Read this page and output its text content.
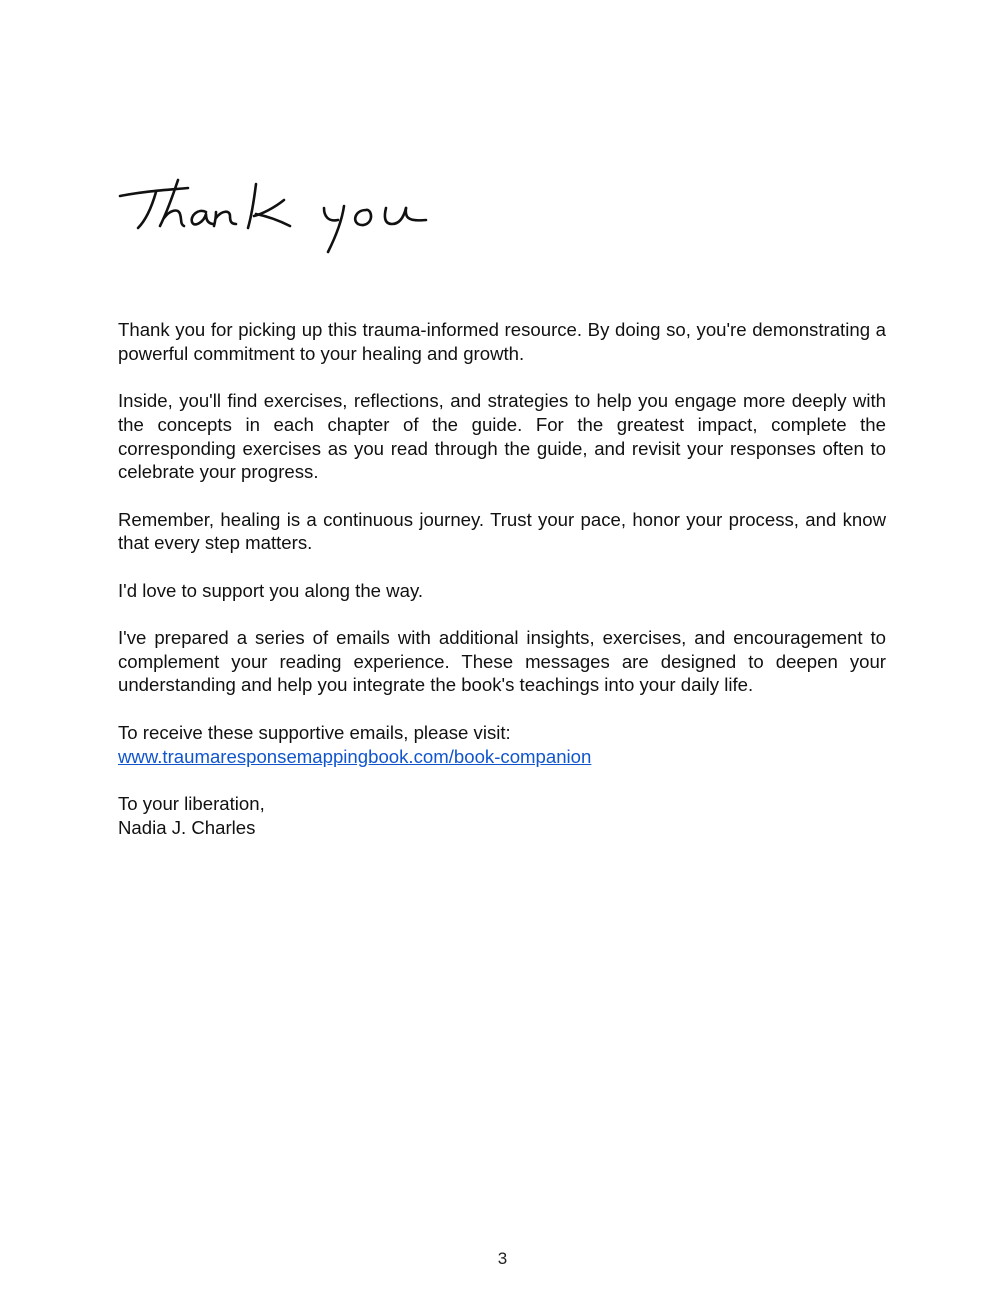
Thank you for picking up this trauma-informed resource. By doing so, you're demonstrating a powerful commitment to your healing and growth.

Inside, you'll find exercises, reflections, and strategies to help you engage more deeply with the concepts in each chapter of the guide. For the greatest impact, complete the corresponding exercises as you read through the guide, and revisit your responses often to celebrate your progress.

Remember, healing is a continuous journey. Trust your pace, honor your process, and know that every step matters.

I'd love to support you along the way.

I've prepared a series of emails with additional insights, exercises, and encouragement to complement your reading experience. These messages are designed to deepen your understanding and help you integrate the book's teachings into your daily life.

To receive these supportive emails, please visit:
www.traumaresponsemappingbook.com/book-companion

To your liberation,
Nadia J. Charles

3
